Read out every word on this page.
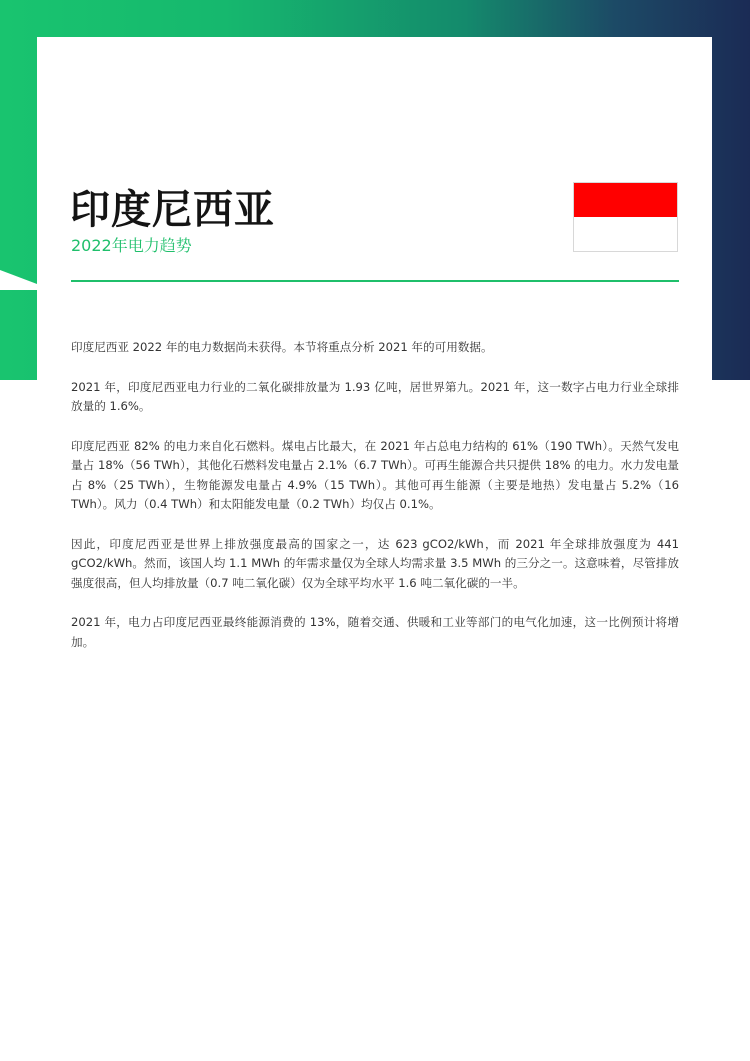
印度尼西亚
2022年电力趋势

印度尼西亚 2022 年的电力数据尚未获得。本节将重点分析 2021 年的可用数据。

2021 年，印度尼西亚电力行业的二氧化碳排放量为 1.93 亿吨，居世界第九。2021 年，这一数字占电力行业全球排放量的 1.6%。

印度尼西亚 82% 的电力来自化石燃料。煤电占比最大，在 2021 年占总电力结构的 61%（190 TWh）。天然气发电量占 18%（56 TWh），其他化石燃料发电量占 2.1%（6.7 TWh）。可再生能源合共只提供 18% 的电力。水力发电量占 8%（25 TWh），生物能源发电量占 4.9%（15 TWh）。其他可再生能源（主要是地热）发电量占 5.2%（16 TWh）。风力（0.4 TWh）和太阳能发电量（0.2 TWh）均仅占 0.1%。

因此，印度尼西亚是世界上排放强度最高的国家之一，达 623 gCO2/kWh，而 2021 年全球排放强度为 441 gCO2/kWh。然而，该国人均 1.1 MWh 的年需求量仅为全球人均需求量 3.5 MWh 的三分之一。这意味着，尽管排放强度很高，但人均排放量（0.7 吨二氧化碳）仅为全球平均水平 1.6 吨二氧化碳的一半。

2021 年，电力占印度尼西亚最终能源消费的 13%，随着交通、供暖和工业等部门的电气化加速，这一比例预计将增加。
